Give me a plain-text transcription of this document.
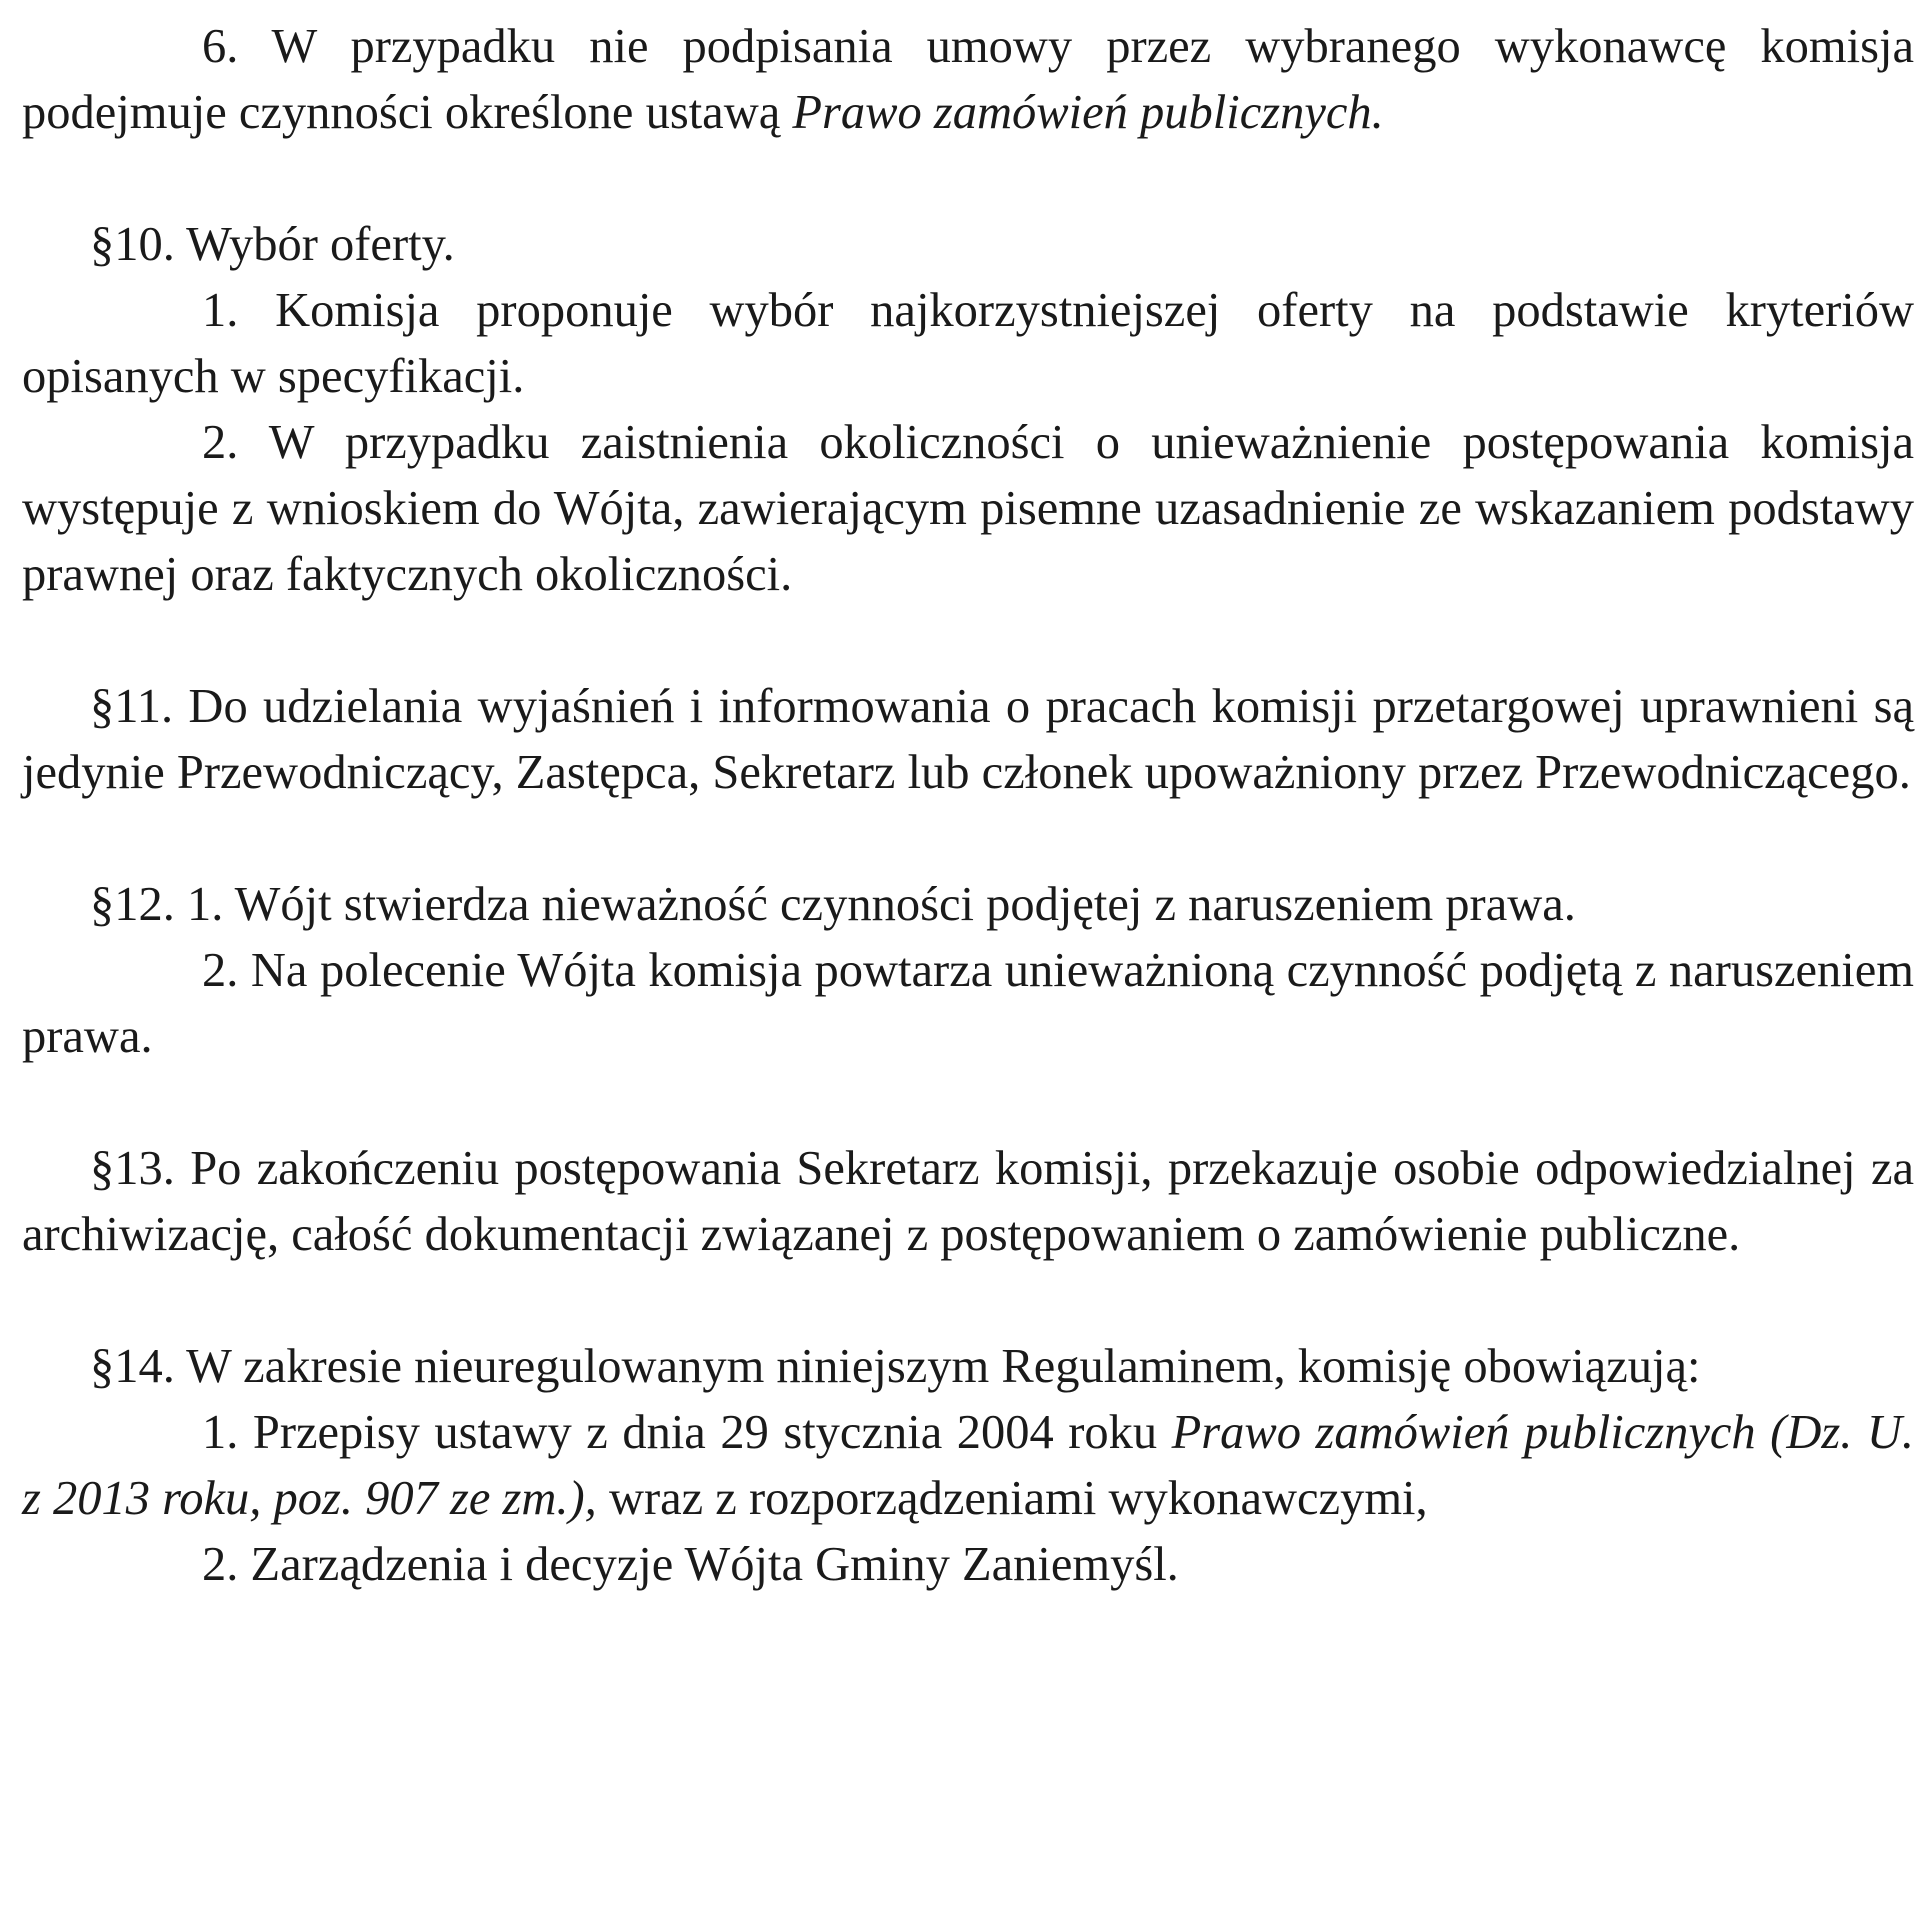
6. W przypadku nie podpisania umowy przez wybranego wykonawcę komisja podejmuje czynności określone ustawą Prawo zamówień publicznych.

§10. Wybór oferty.

1. Komisja proponuje wybór najkorzystniejszej oferty na podstawie kryteriów opisanych w specyfikacji.

2. W przypadku zaistnienia okoliczności o unieważnienie postępowania komisja występuje z wnioskiem do Wójta, zawierającym pisemne uzasadnienie ze wskazaniem podstawy prawnej oraz faktycznych okoliczności.

§11. Do udzielania wyjaśnień i informowania o pracach komisji przetargowej uprawnieni są jedynie Przewodniczący, Zastępca, Sekretarz lub członek upoważniony przez Przewodniczącego.

§12. 1. Wójt stwierdza nieważność czynności podjętej z naruszeniem prawa.

2. Na polecenie Wójta komisja powtarza unieważnioną czynność podjętą z naruszeniem prawa.

§13. Po zakończeniu postępowania Sekretarz komisji, przekazuje osobie odpowiedzialnej za archiwizację, całość dokumentacji związanej z postępowaniem o zamówienie publiczne.

§14. W zakresie nieuregulowanym niniejszym Regulaminem, komisję obowiązują:

1. Przepisy ustawy z dnia 29 stycznia 2004 roku Prawo zamówień publicznych (Dz. U. z 2013 roku, poz. 907 ze zm.), wraz z rozporządzeniami wykonawczymi,

2. Zarządzenia i decyzje Wójta Gminy Zaniemyśl.
